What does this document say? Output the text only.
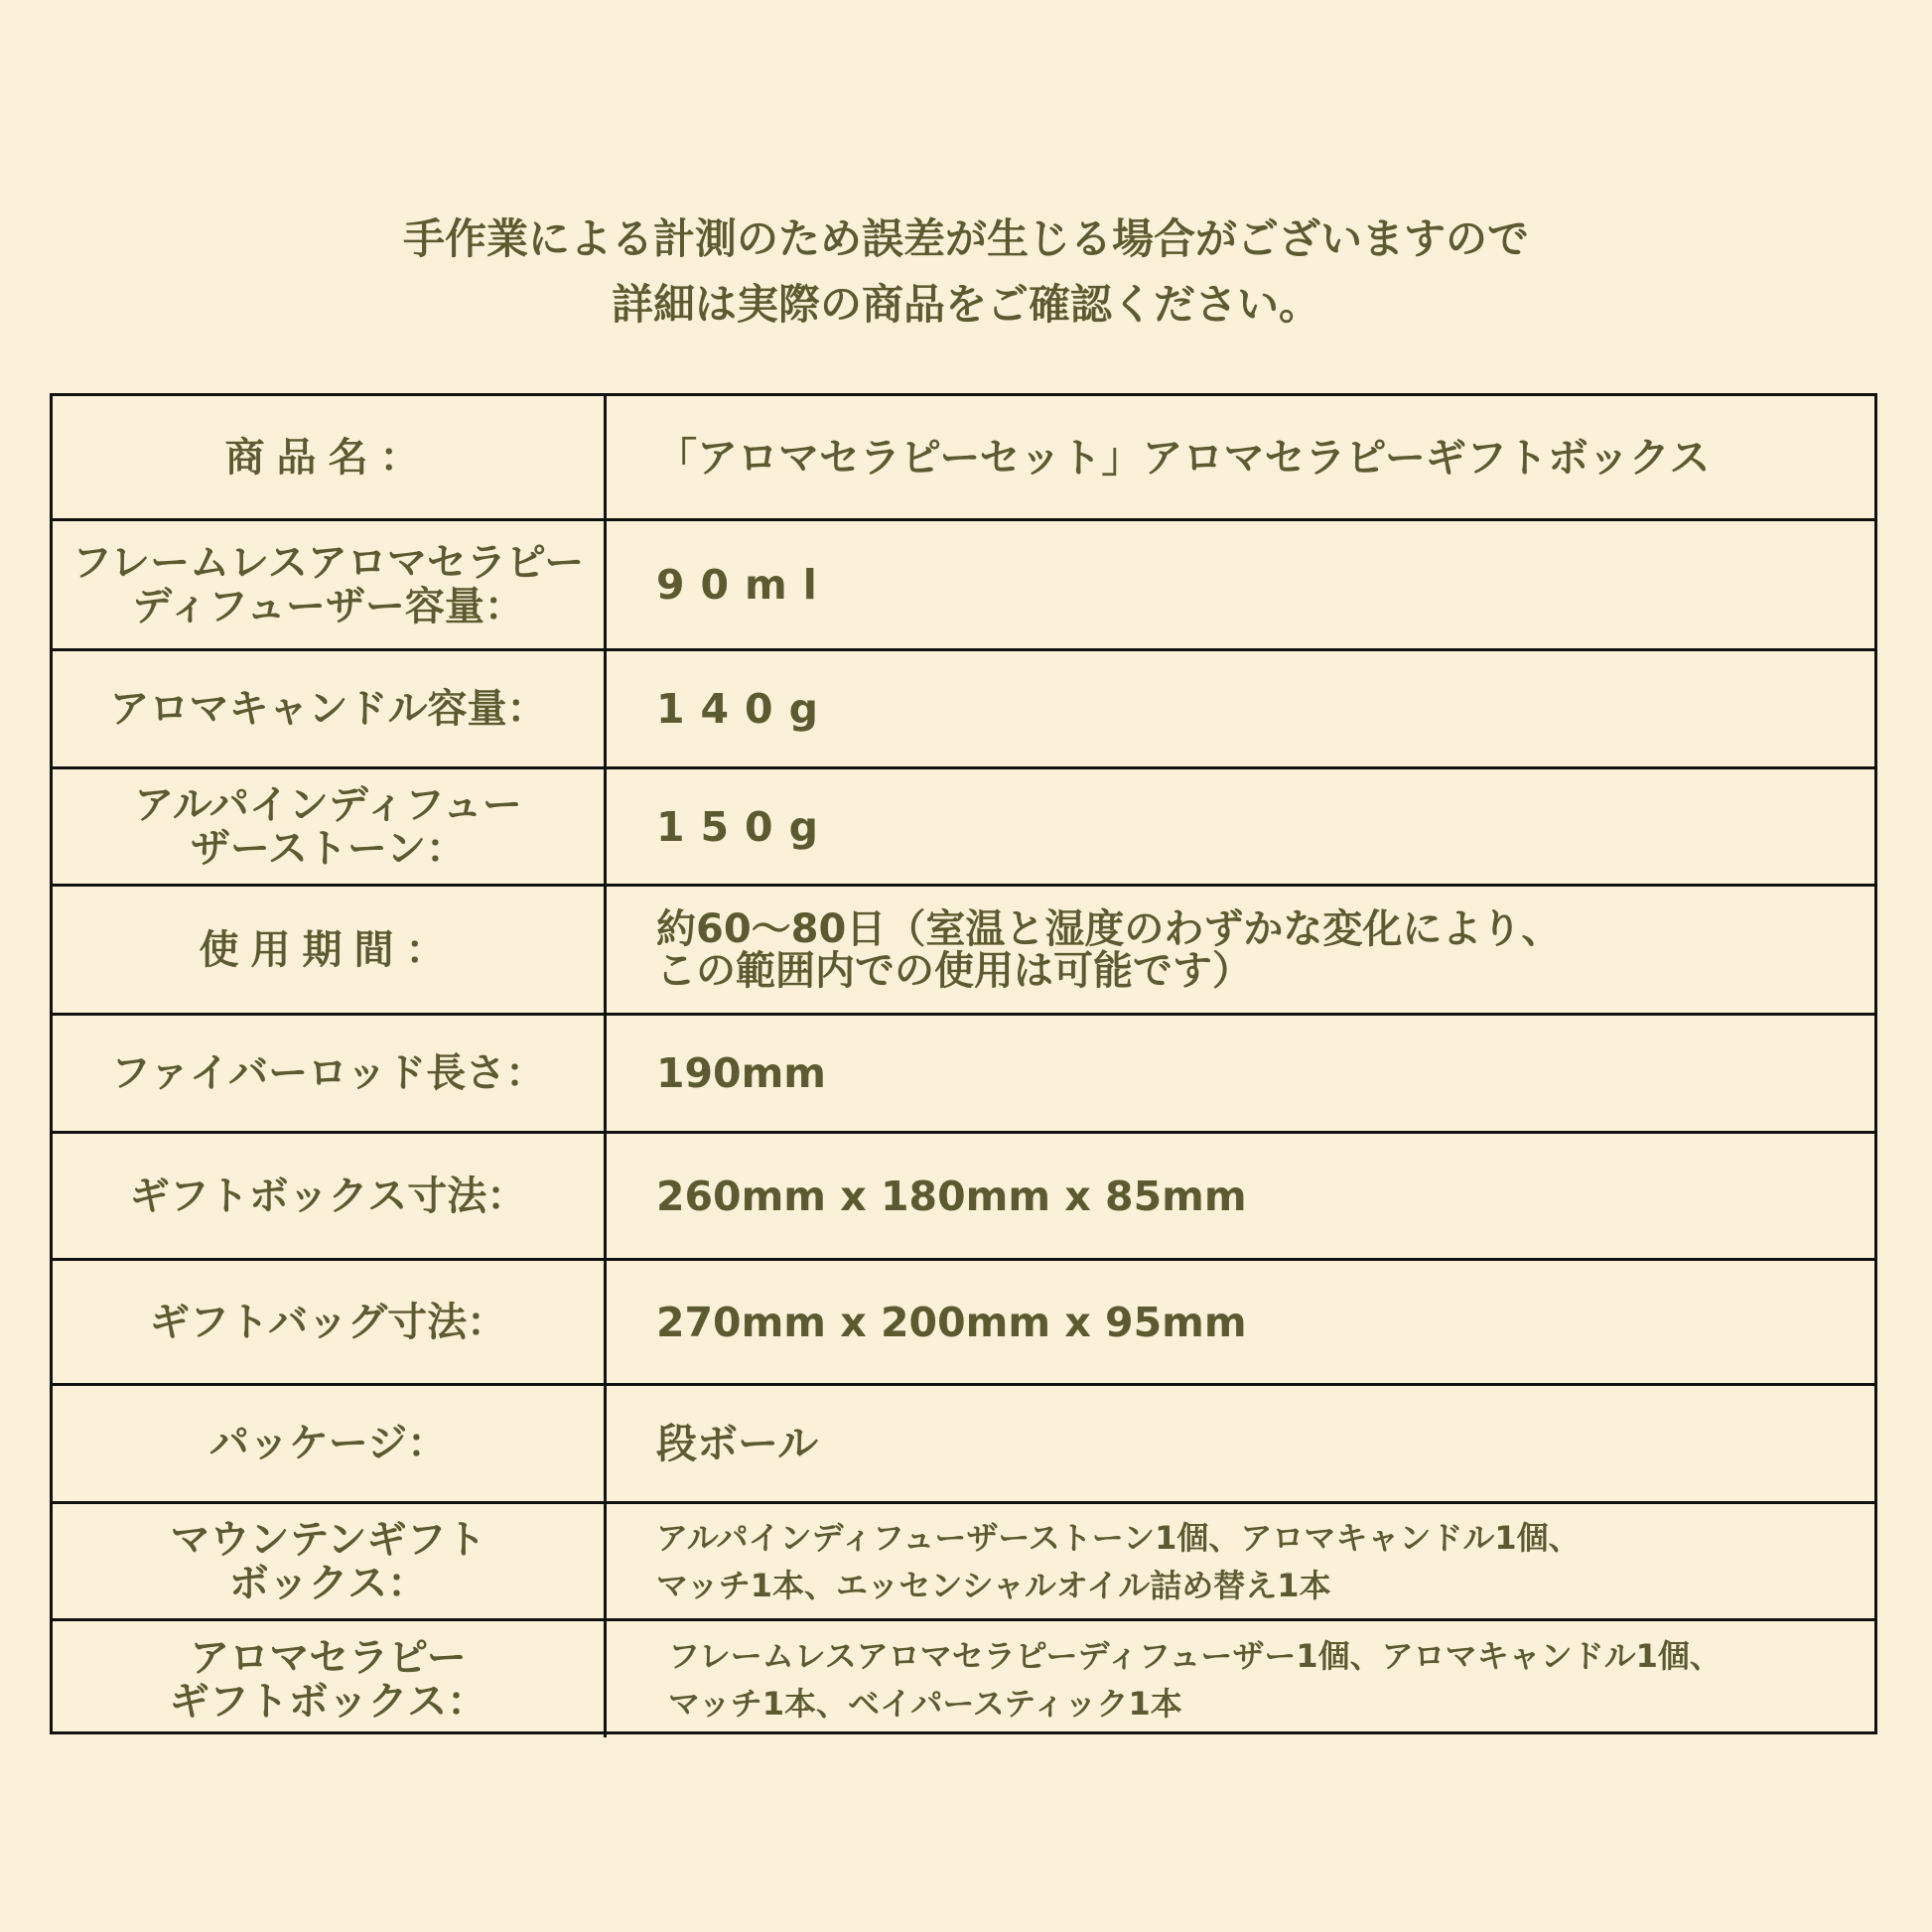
手作業による計測のため誤差が生じる場合がございますので
詳細は実際の商品をご確認ください。
商品名：	「アロマセラピーセット」アロマセラピーギフトボックス
フレームレスアロマセラピー
ディフューザー容量：	90ml
アロマキャンドル容量：	140g
アルパインディフュー
ザーストーン：	150g
使用期間：	約60～80日（室温と湿度のわずかな変化により、
この範囲内での使用は可能です）
ファイバーロッド長さ：	190mm
ギフトボックス寸法：	260mm x 180mm x 85mm
ギフトバッグ寸法：	270mm x 200mm x 95mm
パッケージ：	段ボール
マウンテンギフト
ボックス：
アルパインディフューザーストーン1個、アロマキャンドル1個、
マッチ1本、エッセンシャルオイル詰め替え1本
アロマセラピー
ギフトボックス：
フレームレスアロマセラピーディフューザー1個、アロマキャンドル1個、
マッチ1本、ベイパースティック1本
